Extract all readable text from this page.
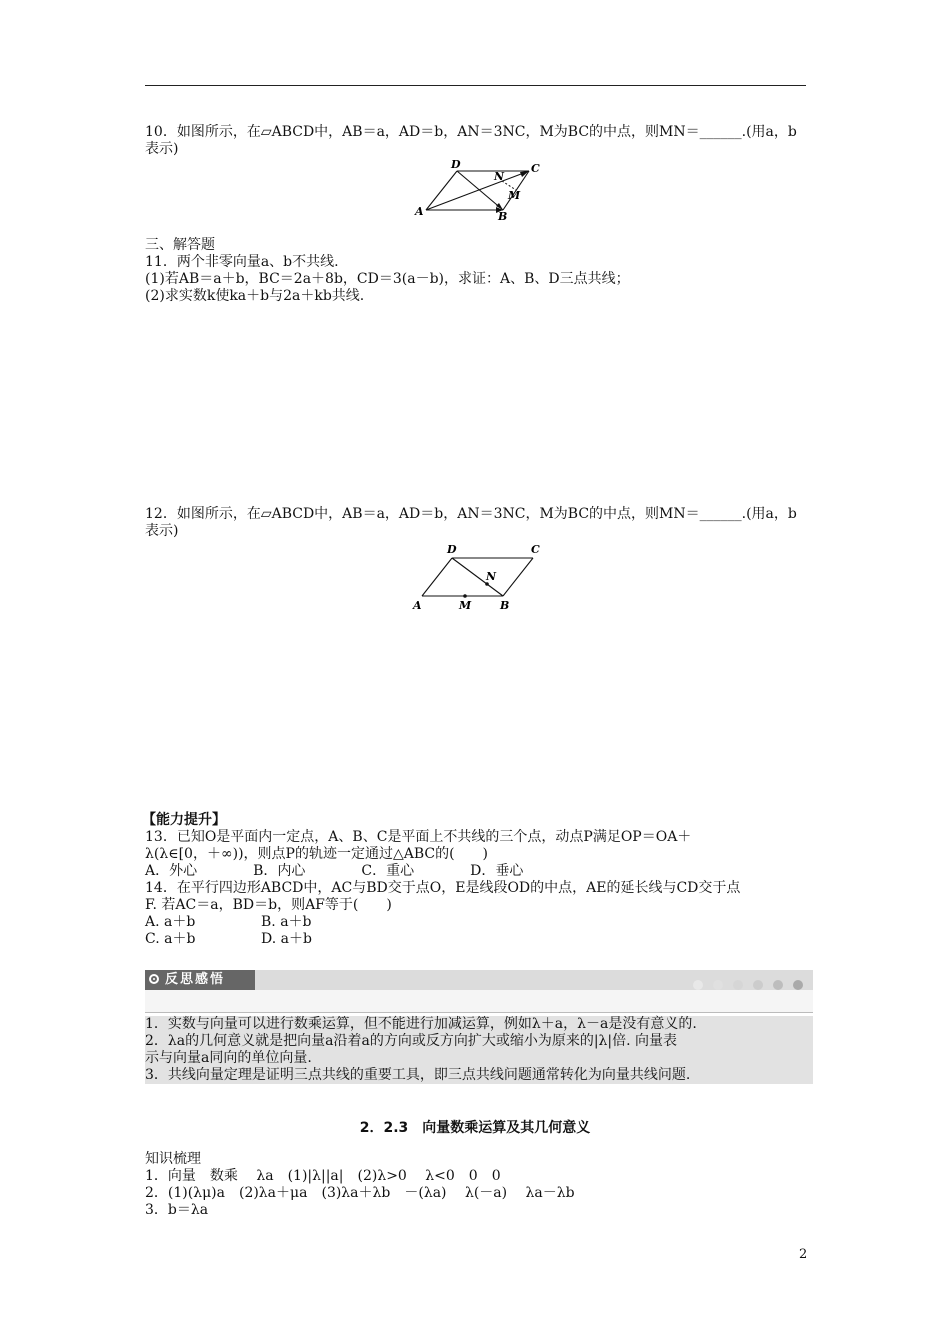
10．如图所示，在▱ABCD中，AB＝a，AD＝b，AN＝3NC，M为BC的中点，则MN＝______.(用a，b
表示)
A	B
C
D
N
M
三、解答题
11．两个非零向量a、b不共线.
(1)若AB＝a＋b，BC＝2a＋8b，CD＝3(a－b)，求证：A、B、D三点共线；
(2)求实数k使ka＋b与2a＋kb共线.
12．如图所示，在▱ABCD中，AB＝a，AD＝b，AN＝3NC，M为BC的中点，则MN＝______.(用a，b
表示)
A	M	B
C
D
N
【能力提升】
13．已知O是平面内一定点，A、B、C是平面上不共线的三个点，动点P满足OP＝OA＋
λ(λ∈[0，＋∞))，则点P的轨迹一定通过△ABC的(　　)
A．外心　　　　B．内心　　　　C．重心　　　　D．垂心
14．在平行四边形ABCD中，AC与BD交于点O，E是线段OD的中点，AE的延长线与CD交于点
F. 若AC＝a，BD＝b，则AF等于(　　)
A. a＋b	B. a＋b
C. a＋b	D. a＋b
反思感悟
1．实数与向量可以进行数乘运算，但不能进行加减运算，例如λ＋a，λ－a是没有意义的.
2．λa的几何意义就是把向量a沿着a的方向或反方向扩大或缩小为原来的|λ|倍. 向量表
示与向量a同向的单位向量.
3．共线向量定理是证明三点共线的重要工具，即三点共线问题通常转化为向量共线问题.
2．2.3　向量数乘运算及其几何意义
知识梳理
1．向量　数乘　 λa　(1)|λ||a|　(2)λ>0　 λ<0　0　0
2．(1)(λμ)a　(2)λa＋μa　(3)λa＋λb　－(λa)　 λ(－a)　 λa－λb
3．b＝λa
2
